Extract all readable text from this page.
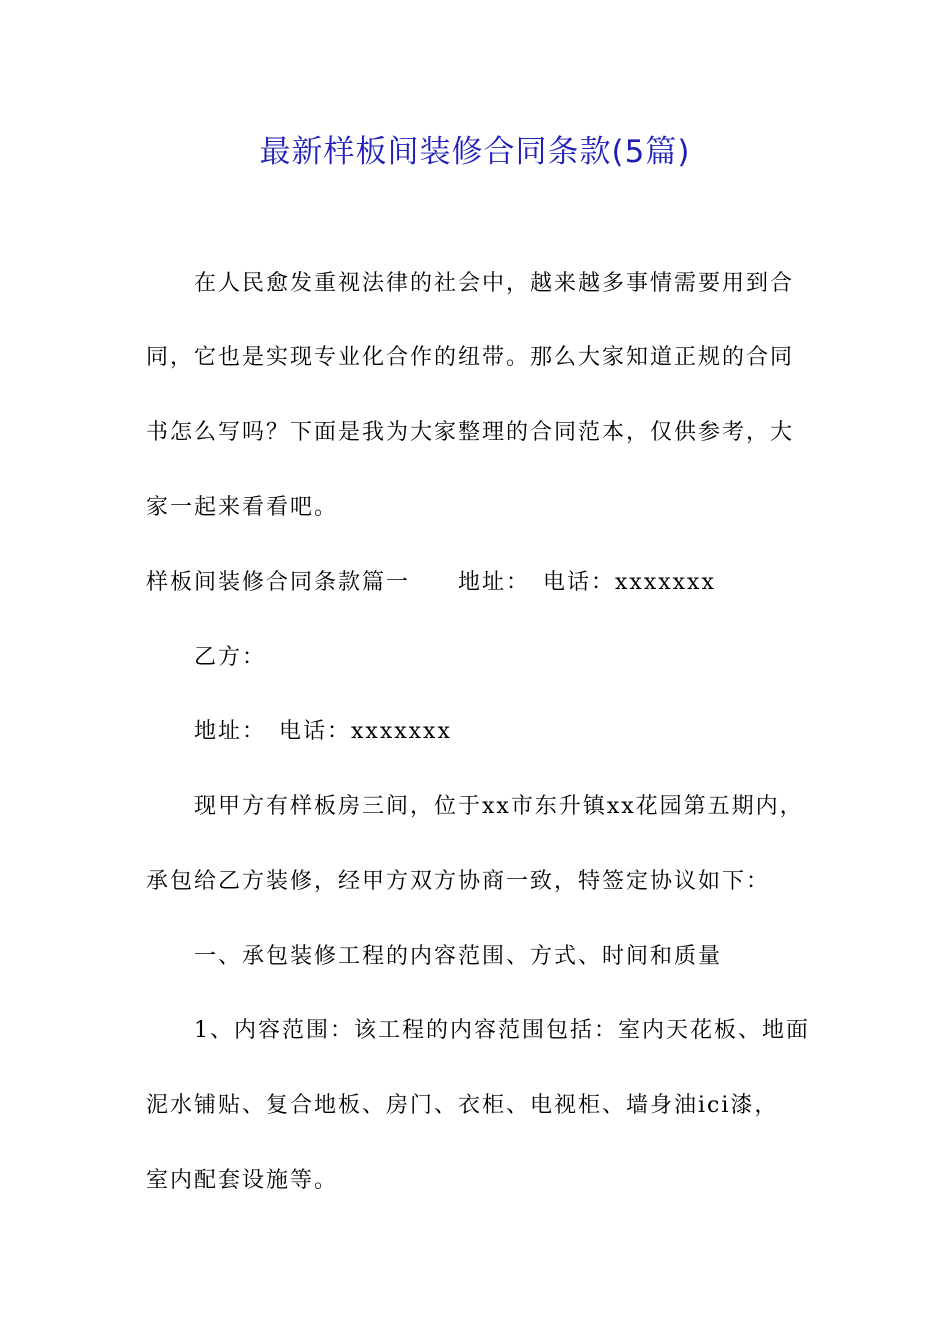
最新样板间装修合同条款(5篇)
在人民愈发重视法律的社会中，越来越多事情需要用到合
同，它也是实现专业化合作的纽带。那么大家知道正规的合同
书怎么写吗？下面是我为大家整理的合同范本，仅供参考，大
家一起来看看吧。
样板间装修合同条款篇一　　地址：　电话：xxxxxxx
乙方：
地址：　电话：xxxxxxx
现甲方有样板房三间，位于xx市东升镇xx花园第五期内，
承包给乙方装修，经甲方双方协商一致，特签定协议如下：
一、承包装修工程的内容范围、方式、时间和质量
1、内容范围：该工程的内容范围包括：室内天花板、地面
泥水铺贴、复合地板、房门、衣柜、电视柜、墙身油ici漆，
室内配套设施等。
